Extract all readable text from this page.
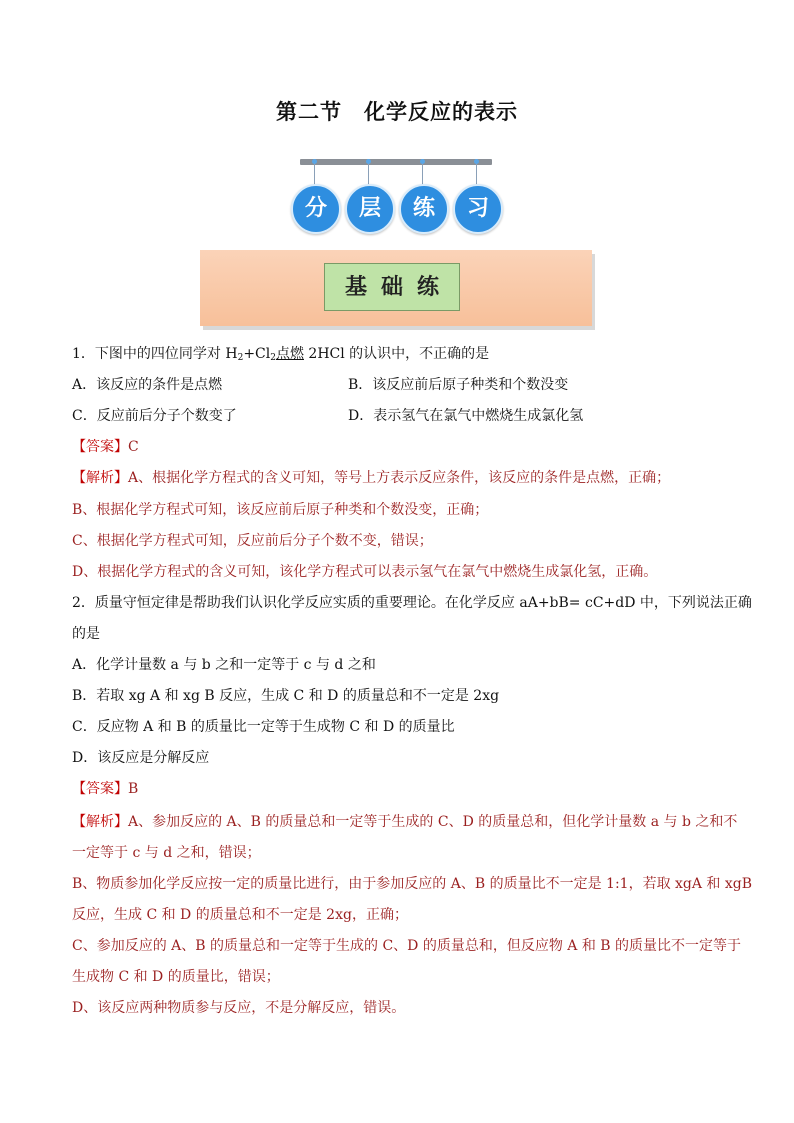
第二节　化学反应的表示
分	层	练	习
基础练
1．下图中的四位同学对 $H_2+Cl_2$点燃 2HCl 的认识中，不正确的是
A．该反应的条件是点燃	B．该反应前后原子种类和个数没变
C．反应前后分子个数变了	D．表示氢气在氯气中燃烧生成氯化氢
【答案】C
【解析】A、根据化学方程式的含义可知，等号上方表示反应条件，该反应的条件是点燃，正确；
B、根据化学方程式可知，该反应前后原子种类和个数没变，正确；
C、根据化学方程式可知，反应前后分子个数不变，错误；
D、根据化学方程式的含义可知，该化学方程式可以表示氢气在氯气中燃烧生成氯化氢，正确。
2．质量守恒定律是帮助我们认识化学反应实质的重要理论。在化学反应 aA+bB= cC+dD 中，下列说法正确
的是
A．化学计量数 a 与 b 之和一定等于 c 与 d 之和
B．若取 xg A 和 xg B 反应，生成 C 和 D 的质量总和不一定是 2xg
C．反应物 A 和 B 的质量比一定等于生成物 C 和 D 的质量比
D．该反应是分解反应
【答案】B
【解析】A、参加反应的 A、B 的质量总和一定等于生成的 C、D 的质量总和，但化学计量数 a 与 b 之和不
一定等于 c 与 d 之和，错误；
B、物质参加化学反应按一定的质量比进行，由于参加反应的 A、B 的质量比不一定是 1:1，若取 xgA 和 xgB
反应，生成 C 和 D 的质量总和不一定是 2xg，正确；
C、参加反应的 A、B 的质量总和一定等于生成的 C、D 的质量总和，但反应物 A 和 B 的质量比不一定等于
生成物 C 和 D 的质量比，错误；
D、该反应两种物质参与反应，不是分解反应，错误。
